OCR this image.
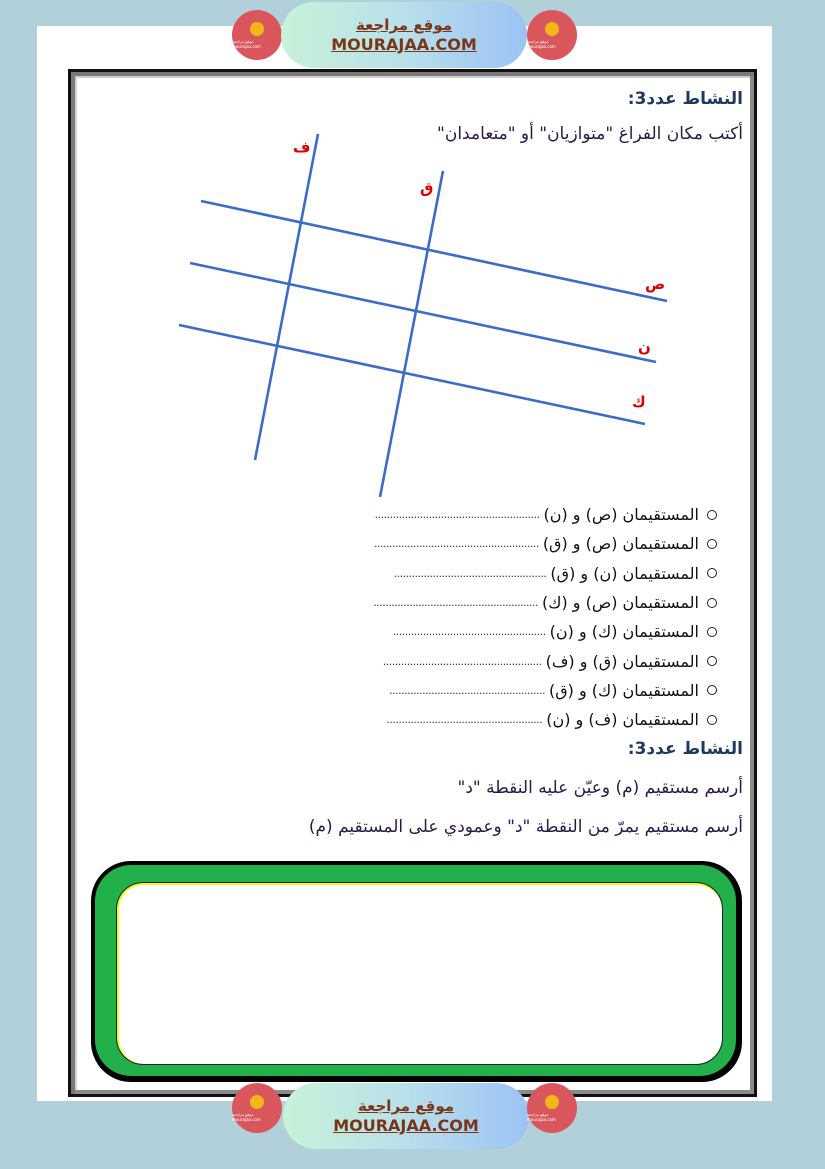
موقع مراجعة mourajaa.com
موقع مراجعة
MOURAJAA.COM	موقع مراجعة mourajaa.com
النشاط عدد3:
أكتب مكان الفراغ "متوازيان" أو "متعامدان"
ف
ق
ص
ن
ك
المستقيمان (ص) و (ن)
.......................................................
المستقيمان (ص) و (ق)
.......................................................
المستقيمان (ن) و (ق)
...................................................
المستقيمان (ص) و (ك)
.......................................................
المستقيمان (ك) و (ن)
...................................................
المستقيمان (ق) و (ف)
.....................................................
المستقيمان (ك) و (ق)
....................................................
المستقيمان (ف) و (ن)
....................................................
النشاط عدد3:
أرسم مستقيم (م) وعيّن عليه النقطة "د"
أرسم مستقيم يمرّ من النقطة "د" وعمودي على المستقيم (م)
موقع مراجعة mourajaa.com
موقع مراجعة
MOURAJAA.COM
موقع مراجعة mourajaa.com
